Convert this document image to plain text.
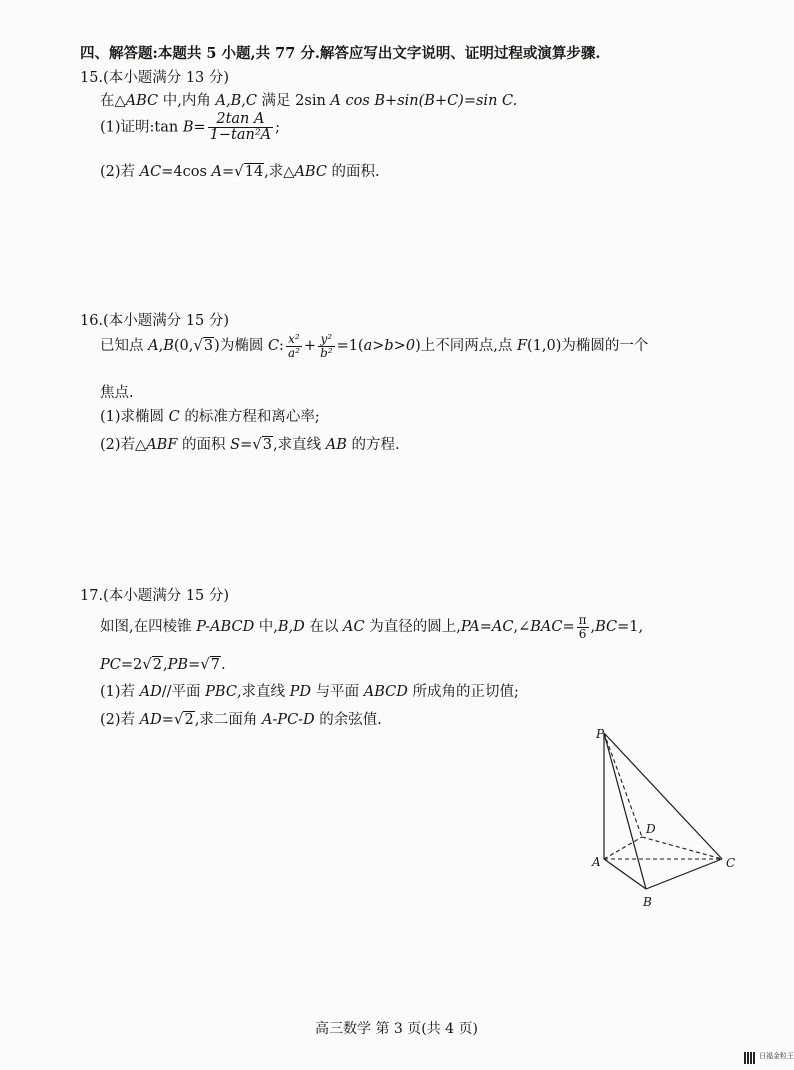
四、解答题:本题共 5 小题,共 77 分.解答应写出文字说明、证明过程或演算步骤.
15.(本小题满分 13 分)
在△ABC 中,内角 A,B,C 满足 2sin A cos B+sin(B+C)=sin C.
(1)证明:tan $B= \frac{\text{2tan A}}{\text{1−tan²A}}$ ;
(2)若 AC=4cos A=√14,求△ABC 的面积.
16.(本小题满分 15 分)
已知点 A,B(0,√3)为椭圆 C: $\frac{\text{x²}}{\text{a²}} + \frac{\text{y²}}{\text{b²}} =1(a>b>0)$上不同两点,点 F(1,0)为椭圆的一个
焦点.
(1)求椭圆 C 的标准方程和离心率;
(2)若△ABF 的面积 S=√3,求直线 AB 的方程.
17.(本小题满分 15 分)
如图,在四棱锥 P-ABCD 中,B,D 在以 AC 为直径的圆上,PA=AC,∠BAC= $\frac{\pi}{6} ,BC=1$,
PC=2√2,PB=√7.
(1)若 AD//平面 PBC,求直线 PD 与平面 ABCD 所成角的正切值;
(2)若 AD=√2,求二面角 A-PC-D 的余弦值.
P
A
B
C
D
高三数学 第 3 页(共 4 页)
日福金粒王
